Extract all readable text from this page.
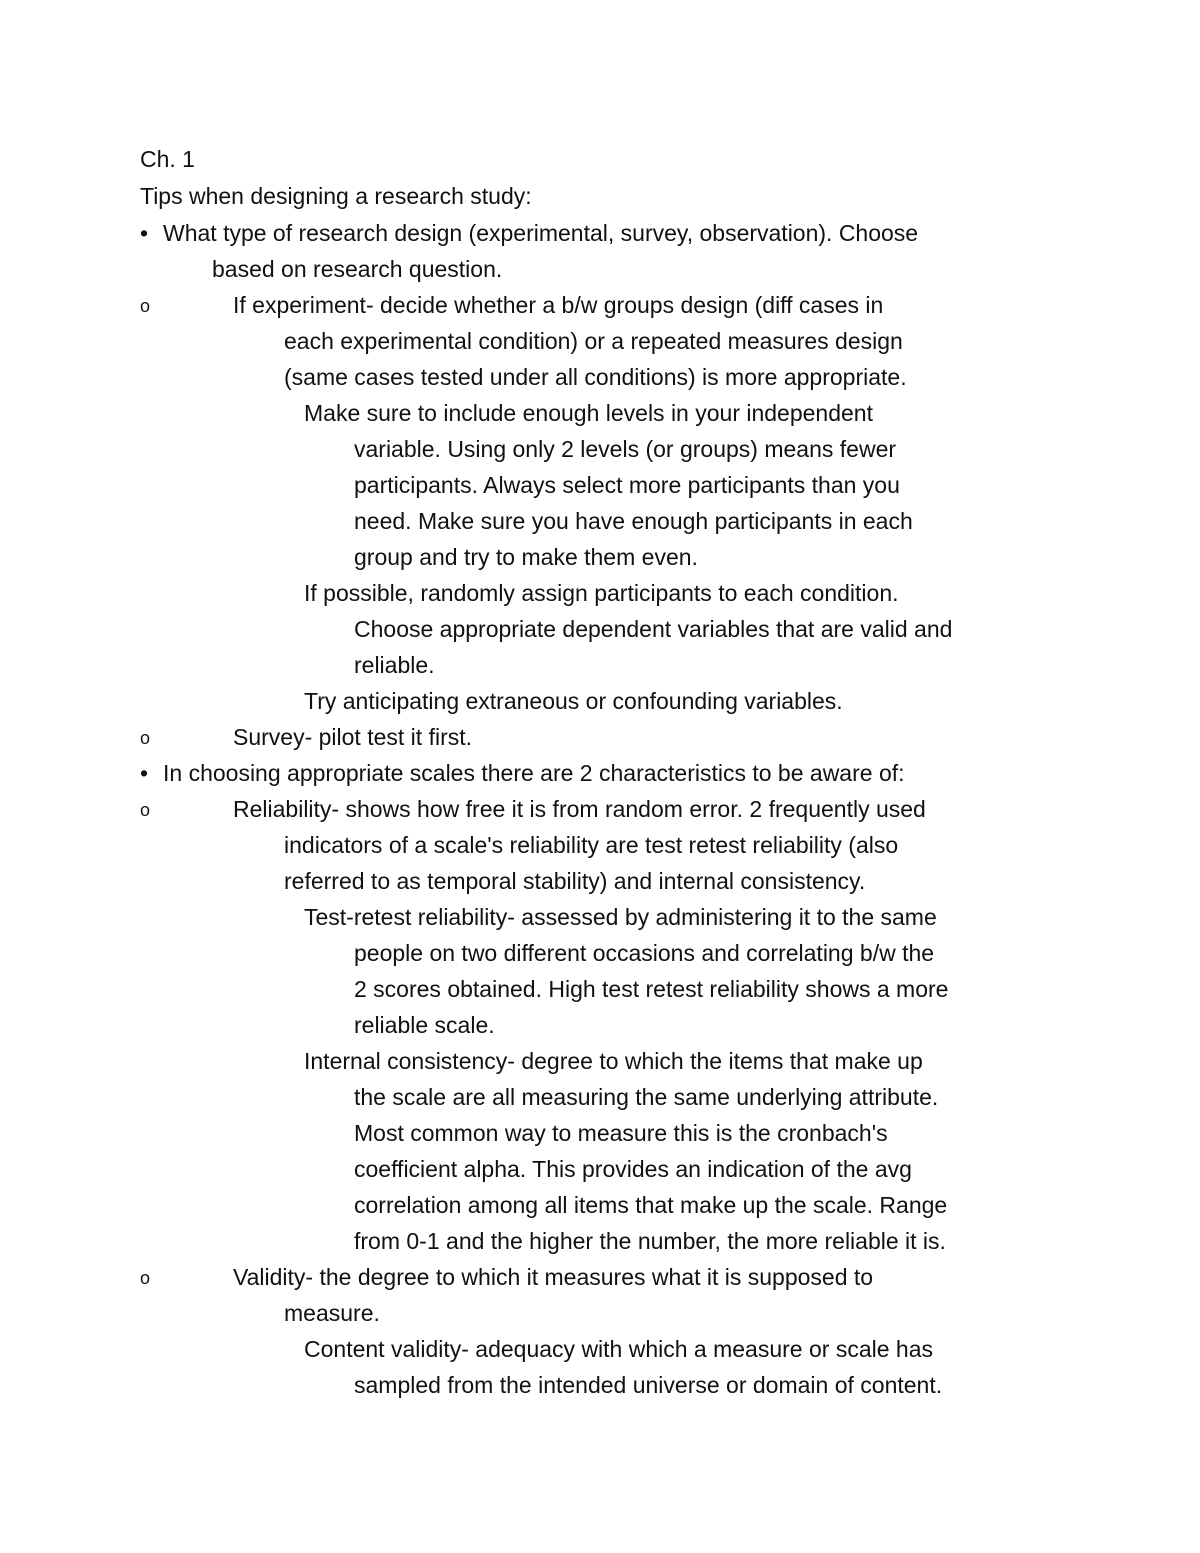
Ch. 1
Tips when designing a research study:
• What type of research design (experimental, survey, observation). Choose
based on research question.
o	If experiment- decide whether a b/w groups design (diff cases in
each experimental condition) or a repeated measures design
(same cases tested under all conditions) is more appropriate.
Make sure to include enough levels in your independent
variable. Using only 2 levels (or groups) means fewer
participants. Always select more participants than you
need. Make sure you have enough participants in each
group and try to make them even.
If possible, randomly assign participants to each condition.
Choose appropriate dependent variables that are valid and
reliable.
Try anticipating extraneous or confounding variables.
o	Survey- pilot test it first.
• In choosing appropriate scales there are 2 characteristics to be aware of:
o	Reliability- shows how free it is from random error. 2 frequently used
indicators of a scale's reliability are test retest reliability (also
referred to as temporal stability) and internal consistency.
Test-retest reliability- assessed by administering it to the same
people on two different occasions and correlating b/w the
2 scores obtained. High test retest reliability shows a more
reliable scale.
Internal consistency- degree to which the items that make up
the scale are all measuring the same underlying attribute.
Most common way to measure this is the cronbach's
coefficient alpha. This provides an indication of the avg
correlation among all items that make up the scale. Range
from 0-1 and the higher the number, the more reliable it is.
o	Validity- the degree to which it measures what it is supposed to
measure.
Content validity- adequacy with which a measure or scale has
sampled from the intended universe or domain of content.
